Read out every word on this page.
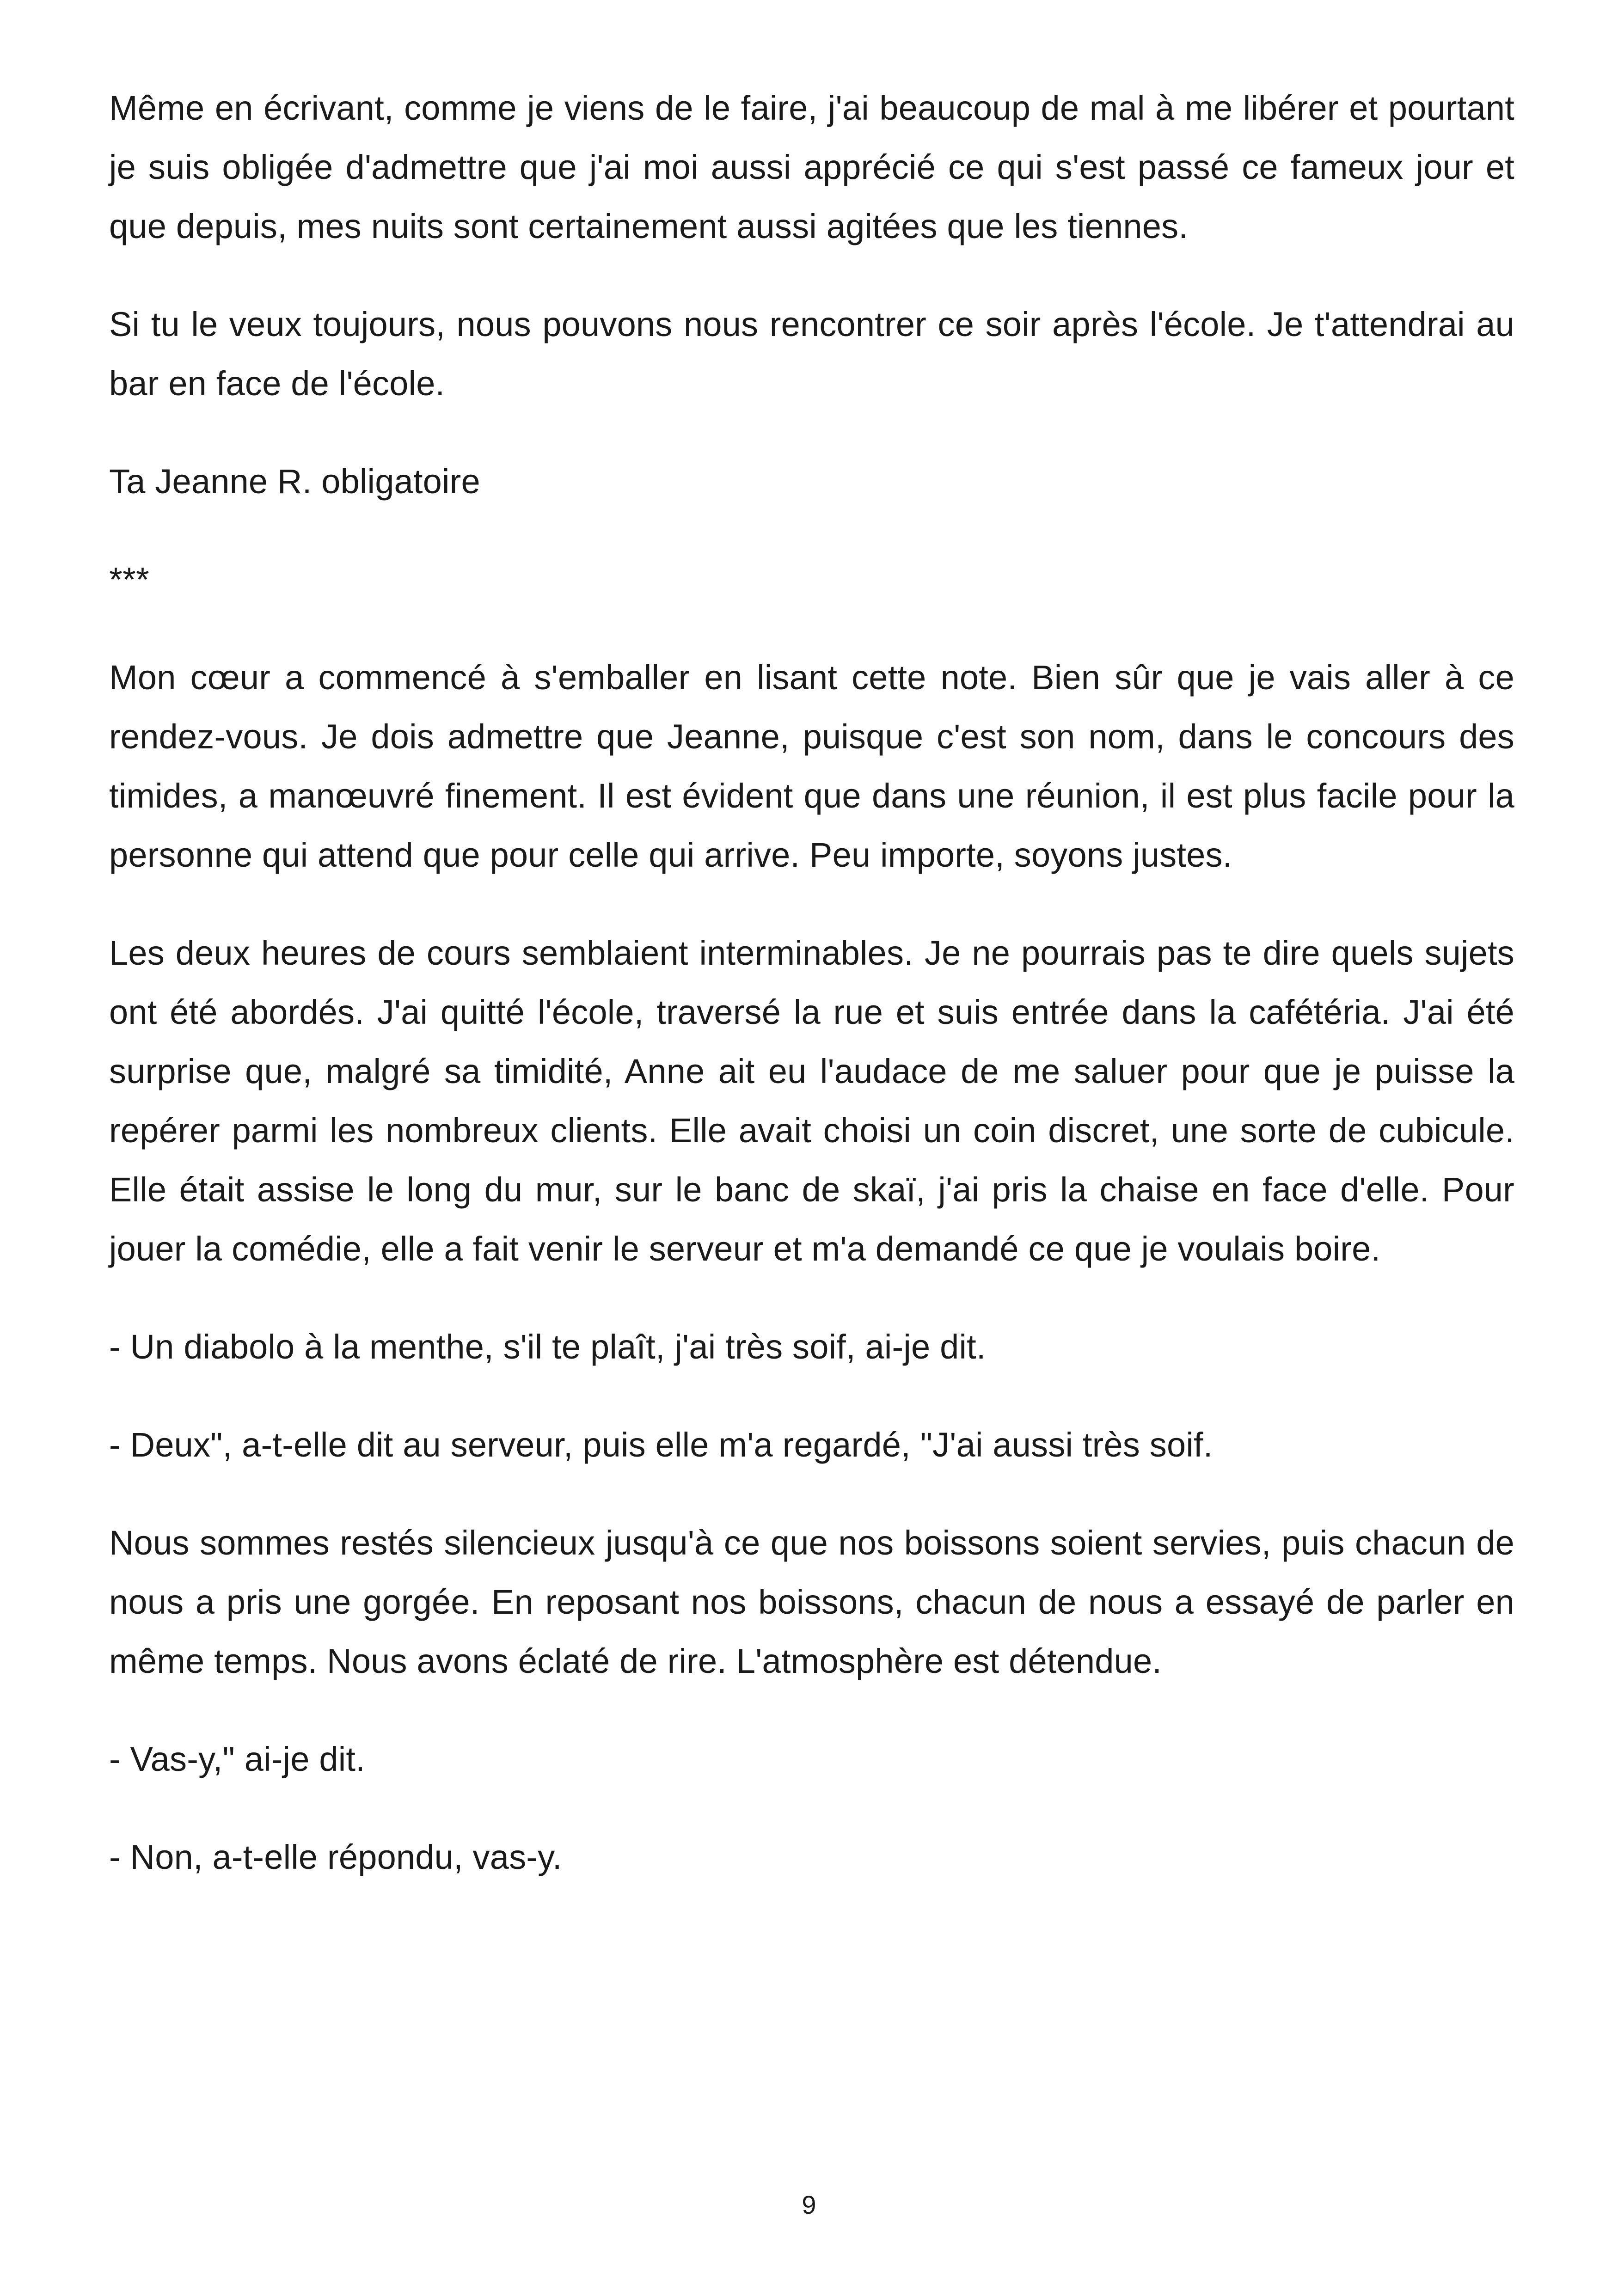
Même en écrivant, comme je viens de le faire, j'ai beaucoup de mal à me libérer et pourtant je suis obligée d'admettre que j'ai moi aussi apprécié ce qui s'est passé ce fameux jour et que depuis, mes nuits sont certainement aussi agitées que les tiennes.

Si tu le veux toujours, nous pouvons nous rencontrer ce soir après l'école. Je t'attendrai au bar en face de l'école.

Ta Jeanne R. obligatoire

***

Mon cœur a commencé à s'emballer en lisant cette note. Bien sûr que je vais aller à ce rendez-vous. Je dois admettre que Jeanne, puisque c'est son nom, dans le concours des timides, a manœuvré finement. Il est évident que dans une réunion, il est plus facile pour la personne qui attend que pour celle qui arrive. Peu importe, soyons justes.

Les deux heures de cours semblaient interminables. Je ne pourrais pas te dire quels sujets ont été abordés. J'ai quitté l'école, traversé la rue et suis entrée dans la cafétéria. J'ai été surprise que, malgré sa timidité, Anne ait eu l'audace de me saluer pour que je puisse la repérer parmi les nombreux clients. Elle avait choisi un coin discret, une sorte de cubicule. Elle était assise le long du mur, sur le banc de skaï, j'ai pris la chaise en face d'elle. Pour jouer la comédie, elle a fait venir le serveur et m'a demandé ce que je voulais boire.

- Un diabolo à la menthe, s'il te plaît, j'ai très soif, ai-je dit.

- Deux", a-t-elle dit au serveur, puis elle m'a regardé, "J'ai aussi très soif.

Nous sommes restés silencieux jusqu'à ce que nos boissons soient servies, puis chacun de nous a pris une gorgée. En reposant nos boissons, chacun de nous a essayé de parler en même temps. Nous avons éclaté de rire. L'atmosphère est détendue.

- Vas-y," ai-je dit.

- Non, a-t-elle répondu, vas-y.

9
